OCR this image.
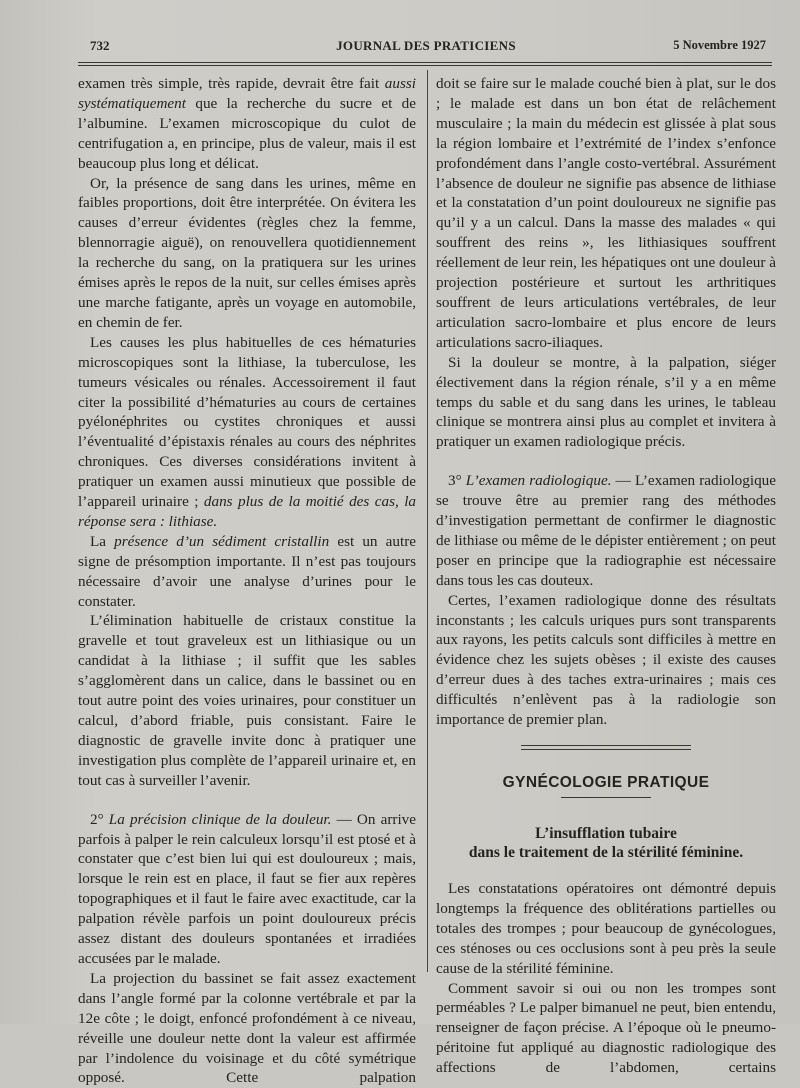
732	JOURNAL DES PRATICIENS	5 Novembre 1927

examen très simple, très rapide, devrait être fait aussi systématiquement que la recherche du sucre et de l’albumine. L’examen microscopique du culot de centrifugation a, en principe, plus de valeur, mais il est beaucoup plus long et délicat.

Or, la présence de sang dans les urines, même en faibles proportions, doit être interprétée. On évitera les causes d’erreur évidentes (règles chez la femme, blennorragie aiguë), on renouvellera quotidiennement la recherche du sang, on la pratiquera sur les urines émises après le repos de la nuit, sur celles émises après une marche fatigante, après un voyage en automobile, en chemin de fer.

Les causes les plus habituelles de ces hématuries microscopiques sont la lithiase, la tuberculose, les tumeurs vésicales ou rénales. Accessoirement il faut citer la possibilité d’hématuries au cours de certaines pyélonéphrites ou cystites chroniques et aussi l’éventualité d’épistaxis rénales au cours des néphrites chroniques. Ces diverses considérations invitent à pratiquer un examen aussi minutieux que possible de l’appareil urinaire ; dans plus de la moitié des cas, la réponse sera : lithiase.

La présence d’un sédiment cristallin est un autre signe de présomption importante. Il n’est pas toujours nécessaire d’avoir une analyse d’urines pour le constater.

L’élimination habituelle de cristaux constitue la gravelle et tout graveleux est un lithiasique ou un candidat à la lithiase ; il suffit que les sables s’agglomèrent dans un calice, dans le bassinet ou en tout autre point des voies urinaires, pour constituer un calcul, d’abord friable, puis consistant. Faire le diagnostic de gravelle invite donc à pratiquer une investigation plus complète de l’appareil urinaire et, en tout cas à surveiller l’avenir.

2° La précision clinique de la douleur. — On arrive parfois à palper le rein calculeux lorsqu’il est ptosé et à constater que c’est bien lui qui est douloureux ; mais, lorsque le rein est en place, il faut se fier aux repères topographiques et il faut le faire avec exactitude, car la palpation révèle parfois un point douloureux précis assez distant des douleurs spontanées et irradiées accusées par le malade.

La projection du bassinet se fait assez exactement dans l’angle formé par la colonne vertébrale et par la 12e côte ; le doigt, enfoncé profondément à ce niveau, réveille une douleur nette dont la valeur est affirmée par l’indolence du voisinage et du côté symétrique opposé. Cette palpation

doit se faire sur le malade couché bien à plat, sur le dos ; le malade est dans un bon état de relâchement musculaire ; la main du médecin est glissée à plat sous la région lombaire et l’extrémité de l’index s’enfonce profondément dans l’angle costo-vertébral. Assurément l’absence de douleur ne signifie pas absence de lithiase et la constatation d’un point douloureux ne signifie pas qu’il y a un calcul. Dans la masse des malades « qui souffrent des reins », les lithiasiques souffrent réellement de leur rein, les hépatiques ont une douleur à projection postérieure et surtout les arthritiques souffrent de leurs articulations vertébrales, de leur articulation sacro-lombaire et plus encore de leurs articulations sacro-iliaques.

Si la douleur se montre, à la palpation, siéger électivement dans la région rénale, s’il y a en même temps du sable et du sang dans les urines, le tableau clinique se montrera ainsi plus au complet et invitera à pratiquer un examen radiologique précis.

3° L’examen radiologique. — L’examen radiologique se trouve être au premier rang des méthodes d’investigation permettant de confirmer le diagnostic de lithiase ou même de le dépister entièrement ; on peut poser en principe que la radiographie est nécessaire dans tous les cas douteux.

Certes, l’examen radiologique donne des résultats inconstants ; les calculs uriques purs sont transparents aux rayons, les petits calculs sont difficiles à mettre en évidence chez les sujets obèses ; il existe des causes d’erreur dues à des taches extra-urinaires ; mais ces difficultés n’enlèvent pas à la radiologie son importance de premier plan.

GYNÉCOLOGIE PRATIQUE
L’insufflation tubaire
dans le traitement de la stérilité féminine.

Les constatations opératoires ont démontré depuis longtemps la fréquence des oblitérations partielles ou totales des trompes ; pour beaucoup de gynécologues, ces sténoses ou ces occlusions sont à peu près la seule cause de la stérilité féminine.

Comment savoir si oui ou non les trompes sont perméables ? Le palper bimanuel ne peut, bien entendu, renseigner de façon précise. A l’époque où le pneumo-péritoine fut appliqué au diagnostic radiologique des affections de l’abdomen, certains
